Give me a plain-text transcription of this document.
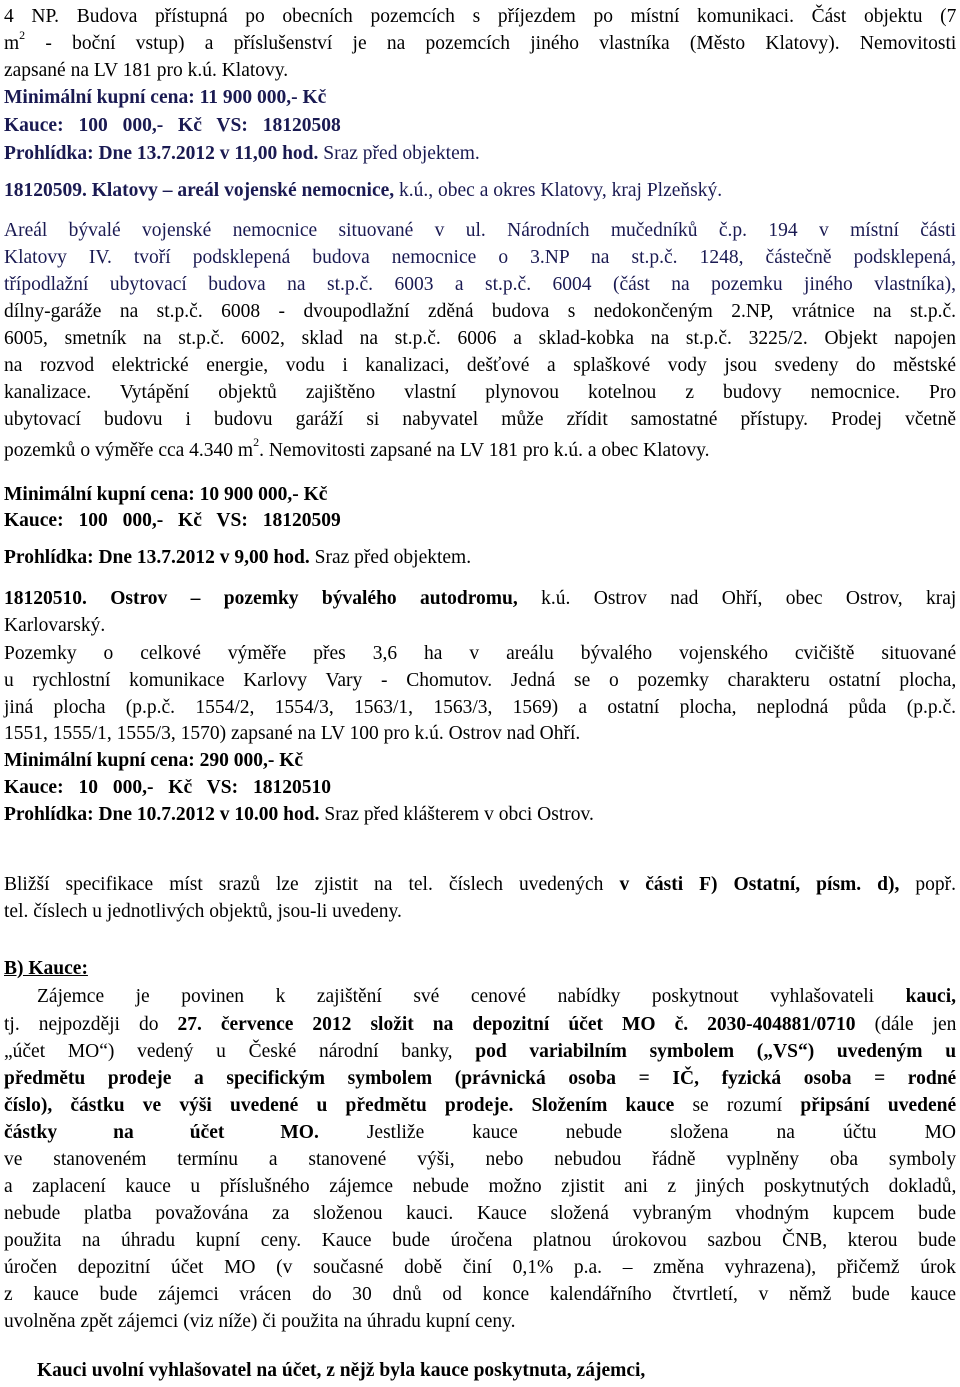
4 NP. Budova přístupná po obecních pozemcích s příjezdem po místní komunikaci. Část objektu (7
$m^2$ - boční vstup) a příslušenství je na pozemcích jiného vlastníka (Město Klatovy). Nemovitosti
zapsané na LV 181 pro k.ú. Klatovy.
Minimální kupní cena: 11 900 000,- Kč
Kauce: 100 000,- Kč VS: 18120508
Prohlídka: Dne 13.7.2012 v 11,00 hod. Sraz před objektem.
18120509. Klatovy – areál vojenské nemocnice, k.ú., obec a okres Klatovy, kraj Plzeňský.
Areál bývalé vojenské nemocnice situované v ul. Národních mučedníků č.p. 194 v místní části
Klatovy IV. tvoří podsklepená budova nemocnice o 3.NP na st.p.č. 1248, částečně podsklepená,
třípodlažní ubytovací budova na st.p.č. 6003 a st.p.č. 6004 (část na pozemku jiného vlastníka),
dílny-garáže na st.p.č. 6008 - dvoupodlažní zděná budova s nedokončeným 2.NP, vrátnice na st.p.č.
6005, smetník na st.p.č. 6002, sklad na st.p.č. 6006 a sklad-kobka na st.p.č. 3225/2. Objekt napojen
na rozvod elektrické energie, vodu i kanalizaci, dešťové a splaškové vody jsou svedeny do městské
kanalizace. Vytápění objektů zajištěno vlastní plynovou kotelnou z budovy nemocnice. Pro
ubytovací budovu i budovu garáží si nabyvatel může zřídit samostatné přístupy. Prodej včetně
pozemků o výměře cca 4.340 $m^2$. Nemovitosti zapsané na LV 181 pro k.ú. a obec Klatovy.
Minimální kupní cena: 10 900 000,- Kč
Kauce: 100 000,- Kč VS: 18120509
Prohlídka: Dne 13.7.2012 v 9,00 hod. Sraz před objektem.
18120510. Ostrov – pozemky bývalého autodromu, k.ú. Ostrov nad Ohří, obec Ostrov, kraj
Karlovarský.
Pozemky o celkové výměře přes 3,6 ha v areálu bývalého vojenského cvičiště situované
u rychlostní komunikace Karlovy Vary - Chomutov. Jedná se o pozemky charakteru ostatní plocha,
jiná plocha (p.p.č. 1554/2, 1554/3, 1563/1, 1563/3, 1569) a ostatní plocha, neplodná půda (p.p.č.
1551, 1555/1, 1555/3, 1570) zapsané na LV 100 pro k.ú. Ostrov nad Ohří.
Minimální kupní cena: 290 000,- Kč
Kauce: 10 000,- Kč VS: 18120510
Prohlídka: Dne 10.7.2012 v 10.00 hod. Sraz před klášterem v obci Ostrov.
Bližší specifikace míst srazů lze zjistit na tel. číslech uvedených v části F) Ostatní, písm. d), popř.
tel. číslech u jednotlivých objektů, jsou-li uvedeny.
B) Kauce:
Zájemce je povinen k zajištění své cenové nabídky poskytnout vyhlašovateli kauci,
tj. nejpozději do 27. července 2012 složit na depozitní účet MO č. 2030-404881/0710 (dále jen
„účet MO“) vedený u České národní banky, pod variabilním symbolem („VS“) uvedeným u
předmětu prodeje a specifickým symbolem (právnická osoba = IČ, fyzická osoba = rodné
číslo), částku ve výši uvedené u předmětu prodeje. Složením kauce se rozumí připsání uvedené
částky na účet MO. Jestliže kauce nebude složena na účtu MO
ve stanoveném termínu a stanovené výši, nebo nebudou řádně vyplněny oba symboly
a zaplacení kauce u příslušného zájemce nebude možno zjistit ani z jiných poskytnutých dokladů,
nebude platba považována za složenou kauci. Kauce složená vybraným vhodným kupcem bude
použita na úhradu kupní ceny. Kauce bude úročena platnou úrokovou sazbou ČNB, kterou bude
úročen depozitní účet MO (v současné době činí 0,1% p.a. – změna vyhrazena), přičemž úrok
z kauce bude zájemci vrácen do 30 dnů od konce kalendářního čtvrtletí, v němž bude kauce
uvolněna zpět zájemci (viz níže) či použita na úhradu kupní ceny.
Kauci uvolní vyhlašovatel na účet, z nějž byla kauce poskytnuta, zájemci,
